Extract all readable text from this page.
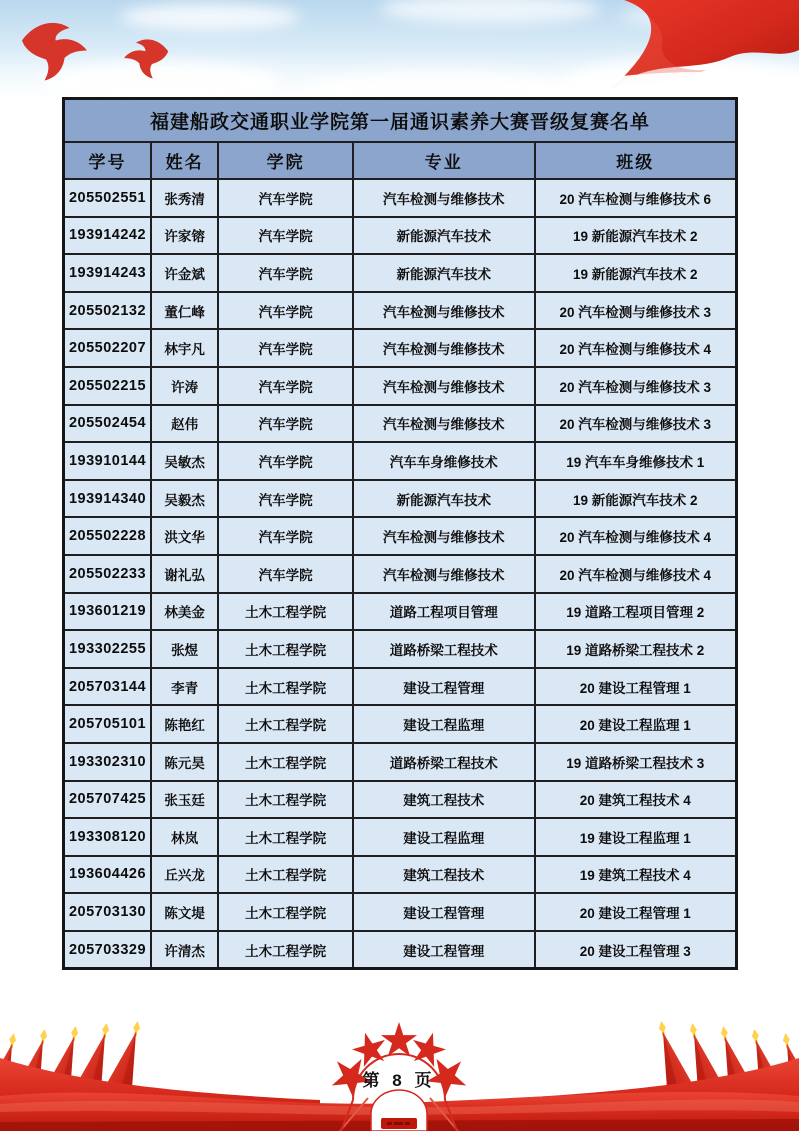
福建船政交通职业学院第一届通识素养大赛晋级复赛名单				
学号	姓名	学院	专业	班级
205502551	张秀清	汽车学院	汽车检测与维修技术	20 汽车检测与维修技术 6
193914242	许家镕	汽车学院	新能源汽车技术	19 新能源汽车技术 2
193914243	许金斌	汽车学院	新能源汽车技术	19 新能源汽车技术 2
205502132	董仁峰	汽车学院	汽车检测与维修技术	20 汽车检测与维修技术 3
205502207	林宇凡	汽车学院	汽车检测与维修技术	20 汽车检测与维修技术 4
205502215	许涛	汽车学院	汽车检测与维修技术	20 汽车检测与维修技术 3
205502454	赵伟	汽车学院	汽车检测与维修技术	20 汽车检测与维修技术 3
193910144	吴敏杰	汽车学院	汽车车身维修技术	19 汽车车身维修技术 1
193914340	吴毅杰	汽车学院	新能源汽车技术	19 新能源汽车技术 2
205502228	洪文华	汽车学院	汽车检测与维修技术	20 汽车检测与维修技术 4
205502233	谢礼弘	汽车学院	汽车检测与维修技术	20 汽车检测与维修技术 4
193601219	林美金	土木工程学院	道路工程项目管理	19 道路工程项目管理 2
193302255	张煜	土木工程学院	道路桥梁工程技术	19 道路桥梁工程技术 2
205703144	李青	土木工程学院	建设工程管理	20 建设工程管理 1
205705101	陈艳红	土木工程学院	建设工程监理	20 建设工程监理 1
193302310	陈元昊	土木工程学院	道路桥梁工程技术	19 道路桥梁工程技术 3
205707425	张玉廷	土木工程学院	建筑工程技术	20 建筑工程技术 4
193308120	林岚	土木工程学院	建设工程监理	19 建设工程监理 1
193604426	丘兴龙	土木工程学院	建筑工程技术	19 建筑工程技术 4
205703130	陈文堤	土木工程学院	建设工程管理	20 建设工程管理 1
205703329	许清杰	土木工程学院	建设工程管理	20 建设工程管理 3
第 8 页
